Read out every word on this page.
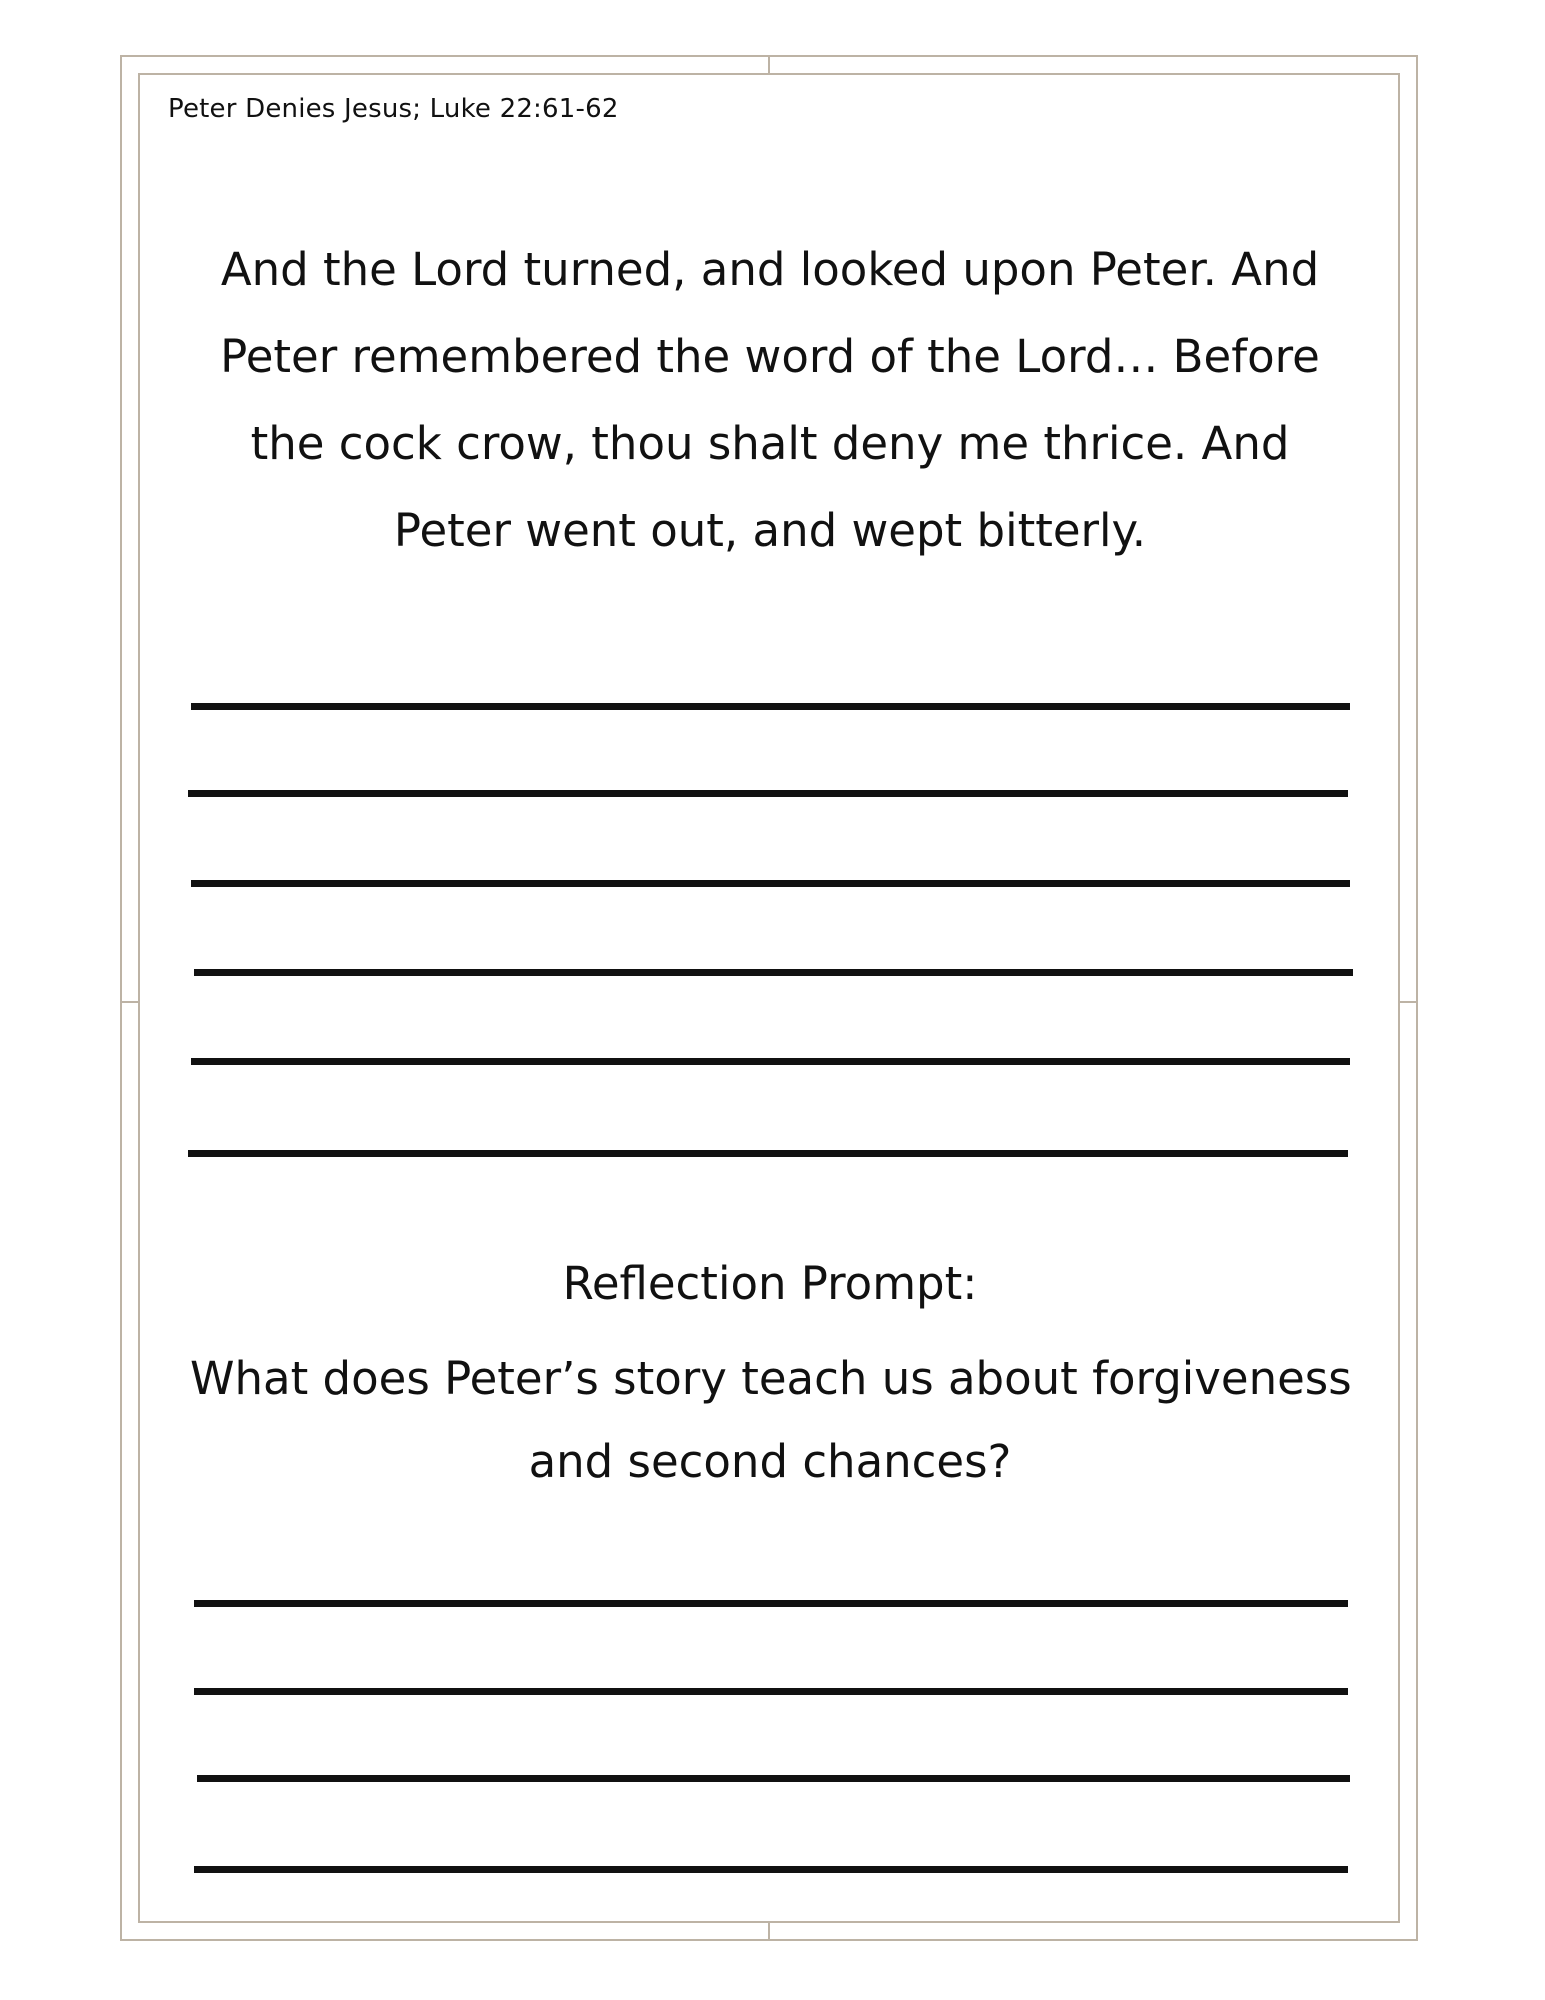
Peter Denies Jesus; Luke 22:61-62
And the Lord turned, and looked upon Peter. And
Peter remembered the word of the Lord… Before
the cock crow, thou shalt deny me thrice. And
Peter went out, and wept bitterly.
Reflection Prompt:
What does Peter’s story teach us about forgiveness
and second chances?
